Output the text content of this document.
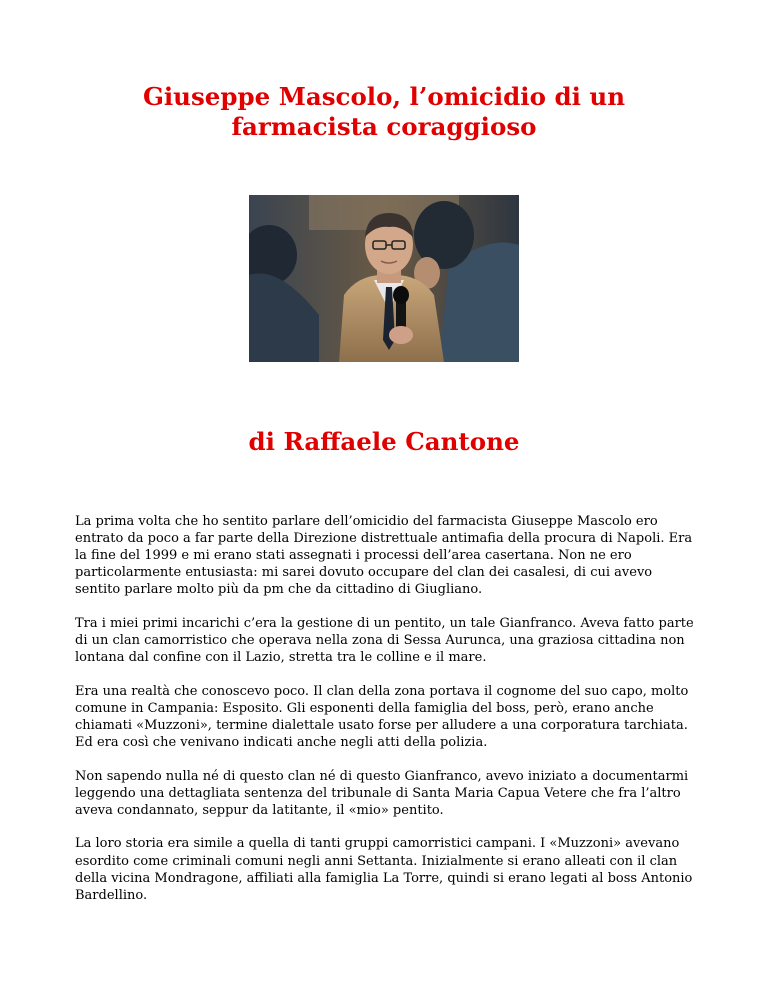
Giuseppe Mascolo, l’omicidio di un farmacista coraggioso
di Raffaele Cantone

La prima volta che ho sentito parlare dell’omicidio del farmacista Giuseppe Mascolo ero entrato da poco a far parte della Direzione distrettuale antimafia della procura di Napoli. Era la fine del 1999 e mi erano stati assegnati i processi dell’area casertana. Non ne ero particolarmente entusiasta: mi sarei dovuto occupare del clan dei casalesi, di cui avevo sentito parlare molto più da pm che da cittadino di Giugliano.

Tra i miei primi incarichi c’era la gestione di un pentito, un tale Gianfranco. Aveva fatto parte di un clan camorristico che operava nella zona di Sessa Aurunca, una graziosa cittadina non lontana dal confine con il Lazio, stretta tra le colline e il mare.

Era una realtà che conoscevo poco. Il clan della zona portava il cognome del suo capo, molto comune in Campania: Esposito. Gli esponenti della famiglia del boss, però, erano anche chiamati «Muzzoni», termine dialettale usato forse per alludere a una corporatura tarchiata. Ed era così che venivano indicati anche negli atti della polizia.

Non sapendo nulla né di questo clan né di questo Gianfranco, avevo iniziato a documentarmi leggendo una dettagliata sentenza del tribunale di Santa Maria Capua Vetere che fra l’altro aveva condannato, seppur da latitante, il «mio» pentito.

La loro storia era simile a quella di tanti gruppi camorristici campani. I «Muzzoni» avevano esordito come criminali comuni negli anni Settanta. Inizialmente si erano alleati con il clan della vicina Mondragone, affiliati alla famiglia La Torre, quindi si erano legati al boss Antonio Bardellino.
